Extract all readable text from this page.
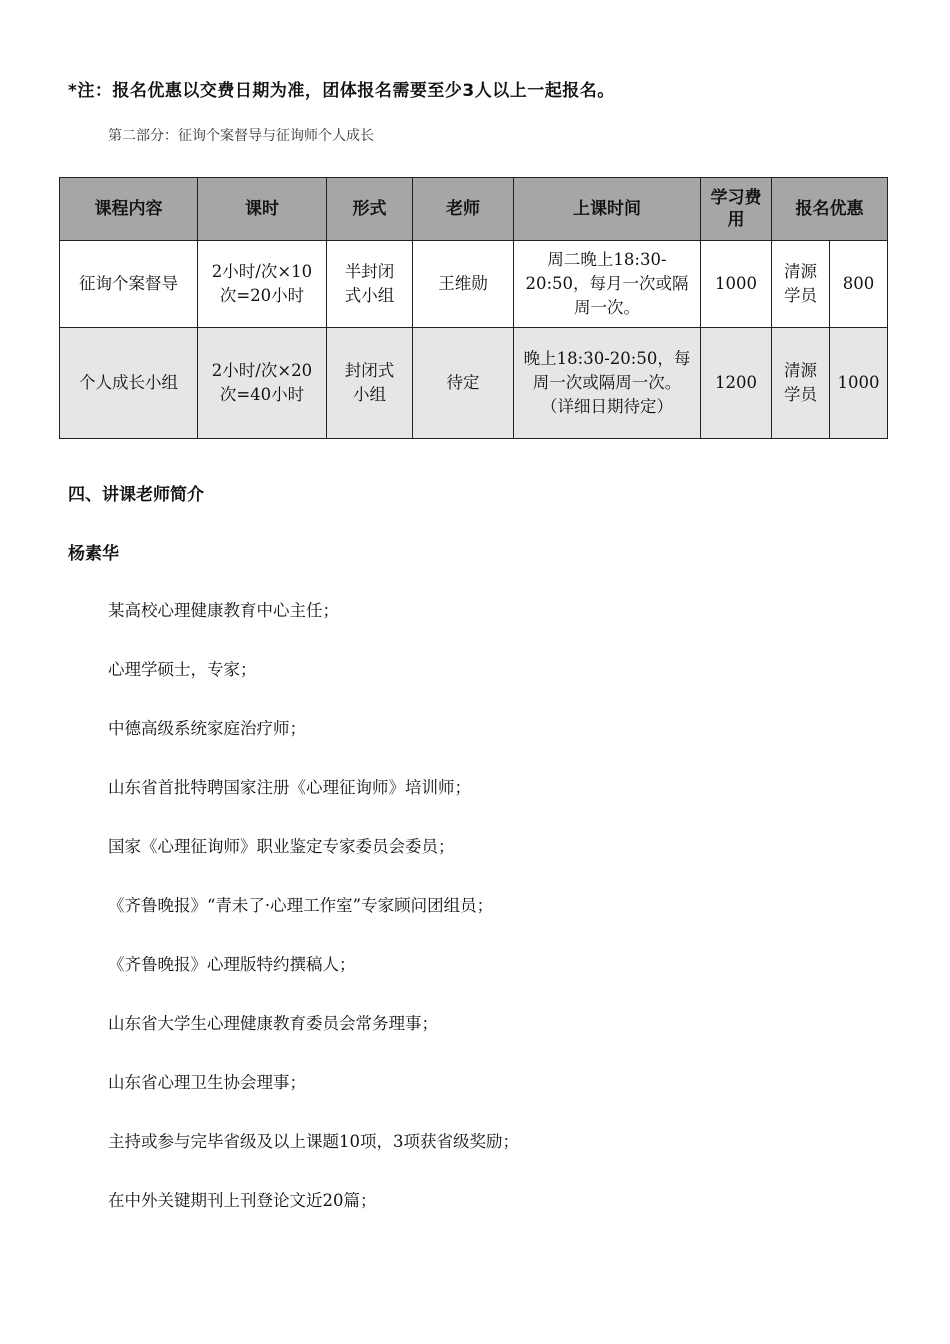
*注：报名优惠以交费日期为准，团体报名需要至少3人以上一起报名。
第二部分：征询个案督导与征询师个人成长
课程内容	课时	形式	老师	上课时间	学习费用	报名优惠	
征询个案督导	2小时/次×10次=20小时	半封闭式小组	王维勋	周二晚上18:30-20:50，每月一次或隔周一次。	1000	清源学员	800
个人成长小组	2小时/次×20次=40小时	封闭式小组	待定	晚上18:30-20:50，每周一次或隔周一次。（详细日期待定）	1200	清源学员	1000
四、讲课老师简介
杨素华
某高校心理健康教育中心主任；
心理学硕士，专家；
中德高级系统家庭治疗师；
山东省首批特聘国家注册《心理征询师》培训师；
国家《心理征询师》职业鉴定专家委员会委员；
《齐鲁晚报》“青未了·心理工作室”专家顾问团组员；
《齐鲁晚报》心理版特约撰稿人；
山东省大学生心理健康教育委员会常务理事；
山东省心理卫生协会理事；
主持或参与完毕省级及以上课题10项，3项获省级奖励；
在中外关键期刊上刊登论文近20篇；
